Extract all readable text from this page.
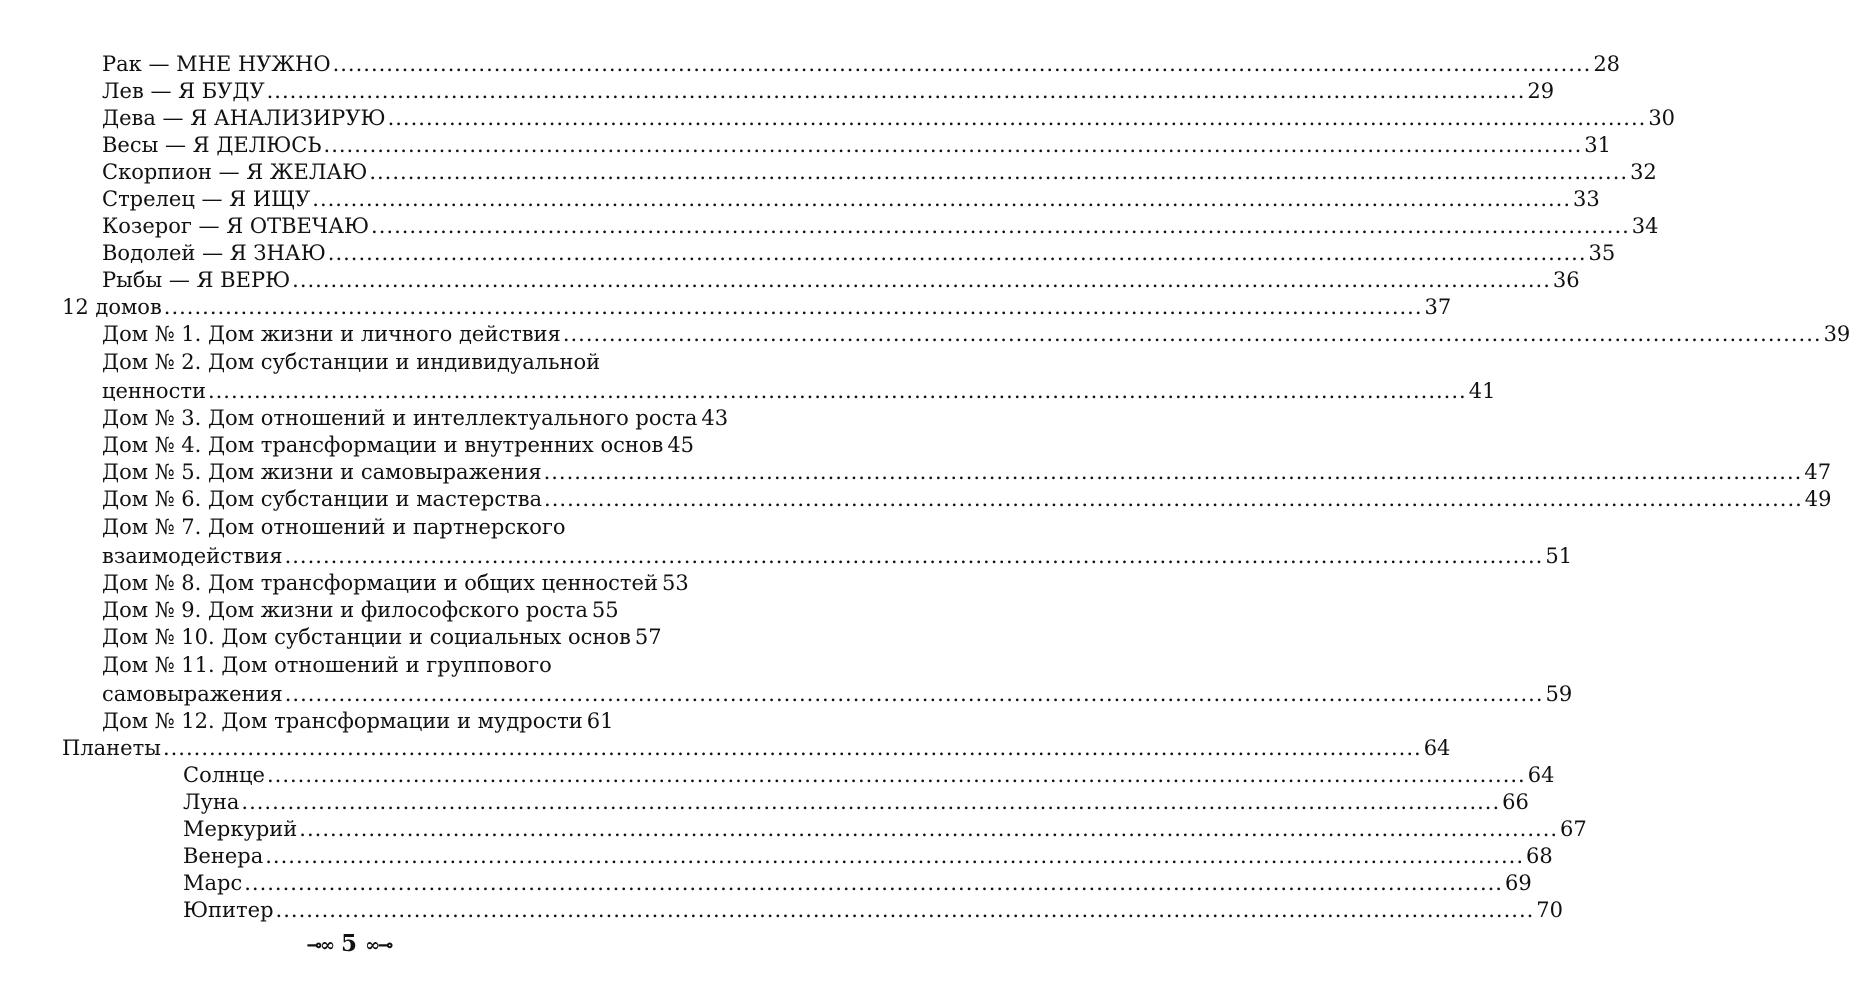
Рак — МНЕ НУЖНО .....	28
Лев — Я БУДУ .....	29
Дева — Я АНАЛИЗИРУЮ .....	30
Весы — Я ДЕЛЮСЬ .....	31
Скорпион — Я ЖЕЛАЮ .....	32
Стрелец — Я ИЩУ .....	33
Козерог — Я ОТВЕЧАЮ .....	34
Водолей — Я ЗНАЮ .....	35
Рыбы — Я ВЕРЮ .....	36
12 домов .....	37
Дом № 1. Дом жизни и личного действия .....	39
Дом № 2. Дом субстанции и индивидуальной
ценности .....	41
Дом № 3. Дом отношений и интеллектуального роста 43
Дом № 4. Дом трансформации и внутренних основ 45
Дом № 5. Дом жизни и самовыражения .....	47
Дом № 6. Дом субстанции и мастерства .....	49
Дом № 7. Дом отношений и партнерского
взаимодействия .....	51
Дом № 8. Дом трансформации и общих ценностей 53
Дом № 9. Дом жизни и философского роста 55
Дом № 10. Дом субстанции и социальных основ 57
Дом № 11. Дом отношений и группового
самовыражения .....	59
Дом № 12. Дом трансформации и мудрости 61
Планеты .....	64
Солнце .....	64
Луна .....	66
Меркурий .....	67
Венера .....	68
Марс .....	69
Юпитер .....	70
⊸∞ 5 ∞⊸
